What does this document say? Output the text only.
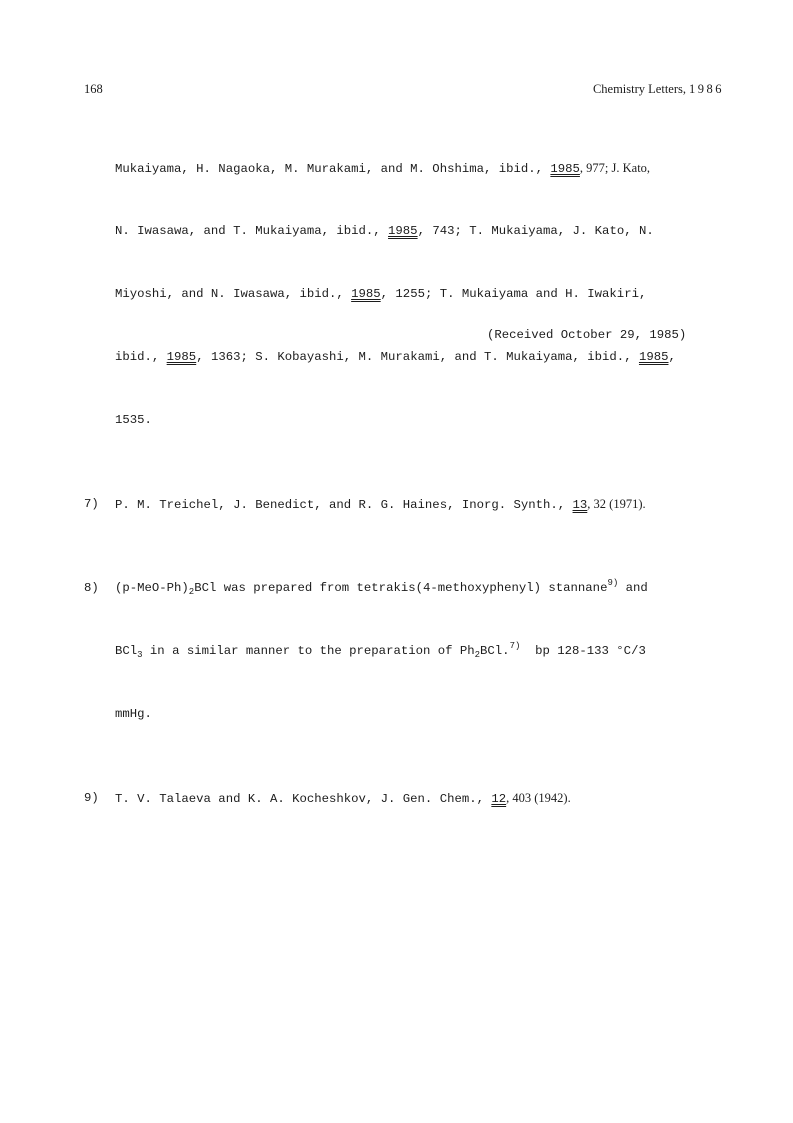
168	Chemistry Letters, 1986

Mukaiyama, H. Nagaoka, M. Murakami, and M. Ohshima, ibid., 1985, 977; J. Kato,

N. Iwasawa, and T. Mukaiyama, ibid., 1985, 743; T. Mukaiyama, J. Kato, N.

Miyoshi, and N. Iwasawa, ibid., 1985, 1255; T. Mukaiyama and H. Iwakiri,

ibid., 1985, 1363; S. Kobayashi, M. Murakami, and T. Mukaiyama, ibid., 1985,

1535.

7)	P. M. Treichel, J. Benedict, and R. G. Haines, Inorg. Synth., 13, 32 (1971).

8)	$(p-MeO-Ph)_2BCl$ was prepared from tetrakis(4-methoxyphenyl) stannane$^{9)}$ and

BCl$_3$ in a similar manner to the preparation of $Ph_2BCl.^{7)}$  bp 128-133 °C/3

mmHg.

9)	T. V. Talaeva and K. A. Kocheshkov, J. Gen. Chem., 12, 403 (1942).

(Received October 29, 1985)
